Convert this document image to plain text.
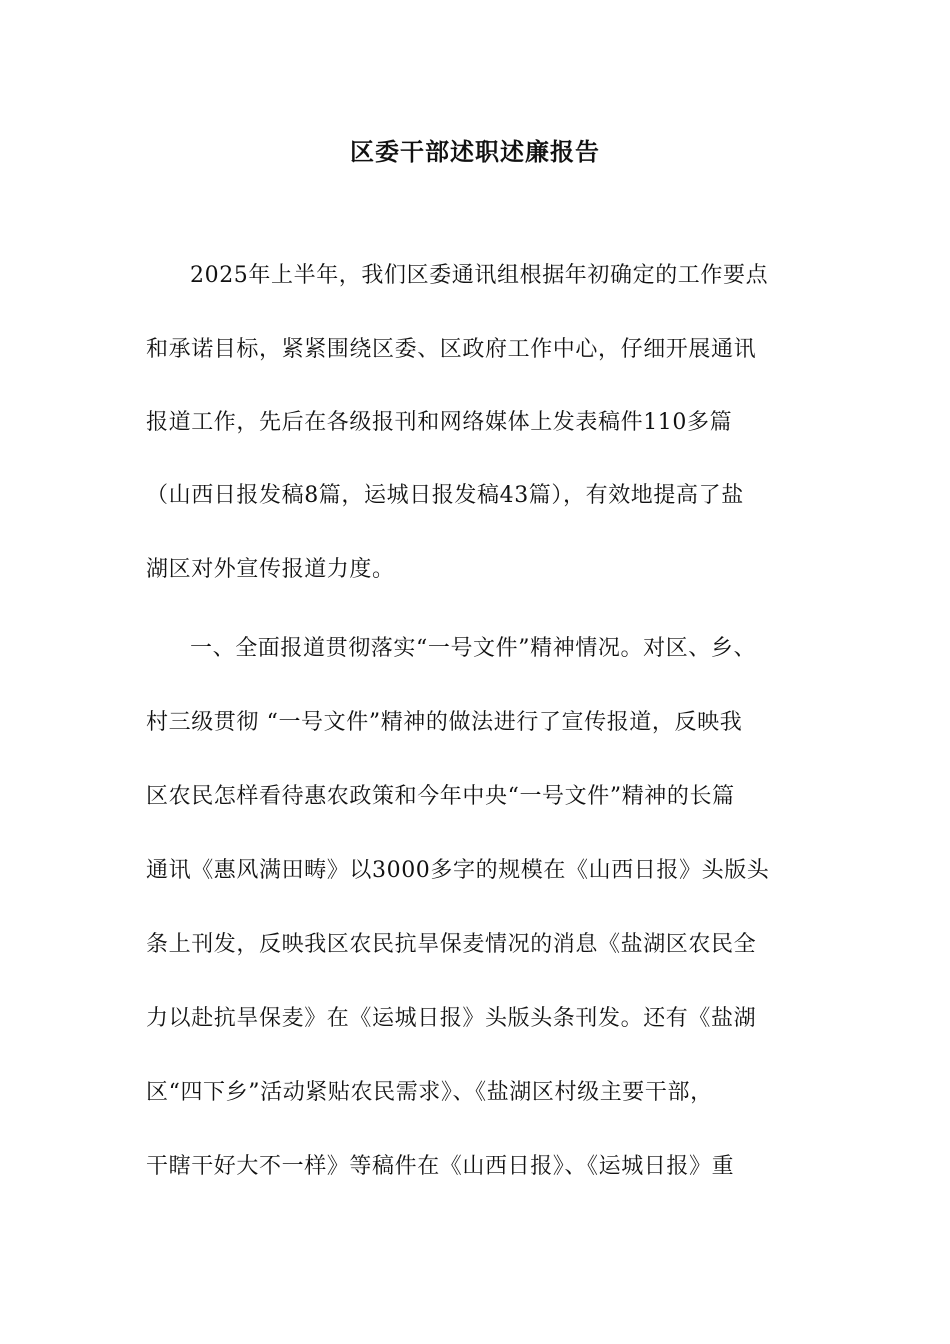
区委干部述职述廉报告
2025年上半年，我们区委通讯组根据年初确定的工作要点
和承诺目标，紧紧围绕区委、区政府工作中心，仔细开展通讯
报道工作，先后在各级报刊和网络媒体上发表稿件110多篇
（山西日报发稿8篇，运城日报发稿43篇），有效地提高了盐
湖区对外宣传报道力度。
一、全面报道贯彻落实“一号文件”精神情况。对区、乡、
村三级贯彻 “一号文件”精神的做法进行了宣传报道，反映我
区农民怎样看待惠农政策和今年中央“一号文件”精神的长篇
通讯《惠风满田畴》以3000多字的规模在《山西日报》头版头
条上刊发，反映我区农民抗旱保麦情况的消息《盐湖区农民全
力以赴抗旱保麦》在《运城日报》头版头条刊发。还有《盐湖
区“四下乡”活动紧贴农民需求》、《盐湖区村级主要干部，
干瞎干好大不一样》等稿件在《山西日报》、《运城日报》重
